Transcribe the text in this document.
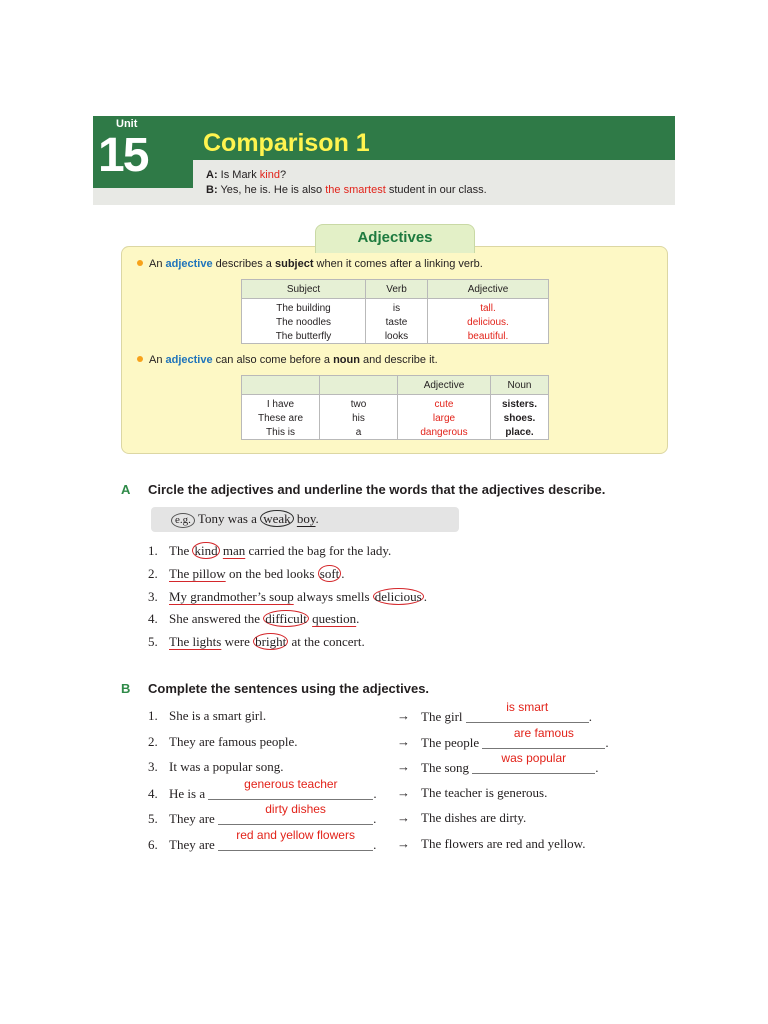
Unit
15 Comparison 1
A: Is Mark kind?
B: Yes, he is. He is also the smartest student in our class.
Adjectives
An adjective describes a subject when it comes after a linking verb.
Subject	Verb	Adjective
The building	is	tall.
The noodles	taste	delicious.
The butterfly	looks	beautiful.
An adjective can also come before a noun and describe it.
		Adjective	Noun
I have	two	cute	sisters.
These are	his	large	shoes.
This is	a	dangerous	place.
A Circle the adjectives and underline the words that the adjectives describe.
e.g. Tony was a weak boy.
1. The kind man carried the bag for the lady.
2. The pillow on the bed looks soft .
3. My grandmother’s soup always smells delicious .
4. She answered the difficult question.
5. The lights were bright at the concert.
B Complete the sentences using the adjectives.
1. She is a smart girl.	→ The girl
is smart
.
2. They are famous people.	→ The people
are famous
.
3. It was a popular song.	→ The song
was popular
.
4. He is a
generous teacher
. → The teacher is generous.
5. They are
dirty dishes
. → The dishes are dirty.
6. They are
red and yellow flowers
. → The flowers are red and yellow.
